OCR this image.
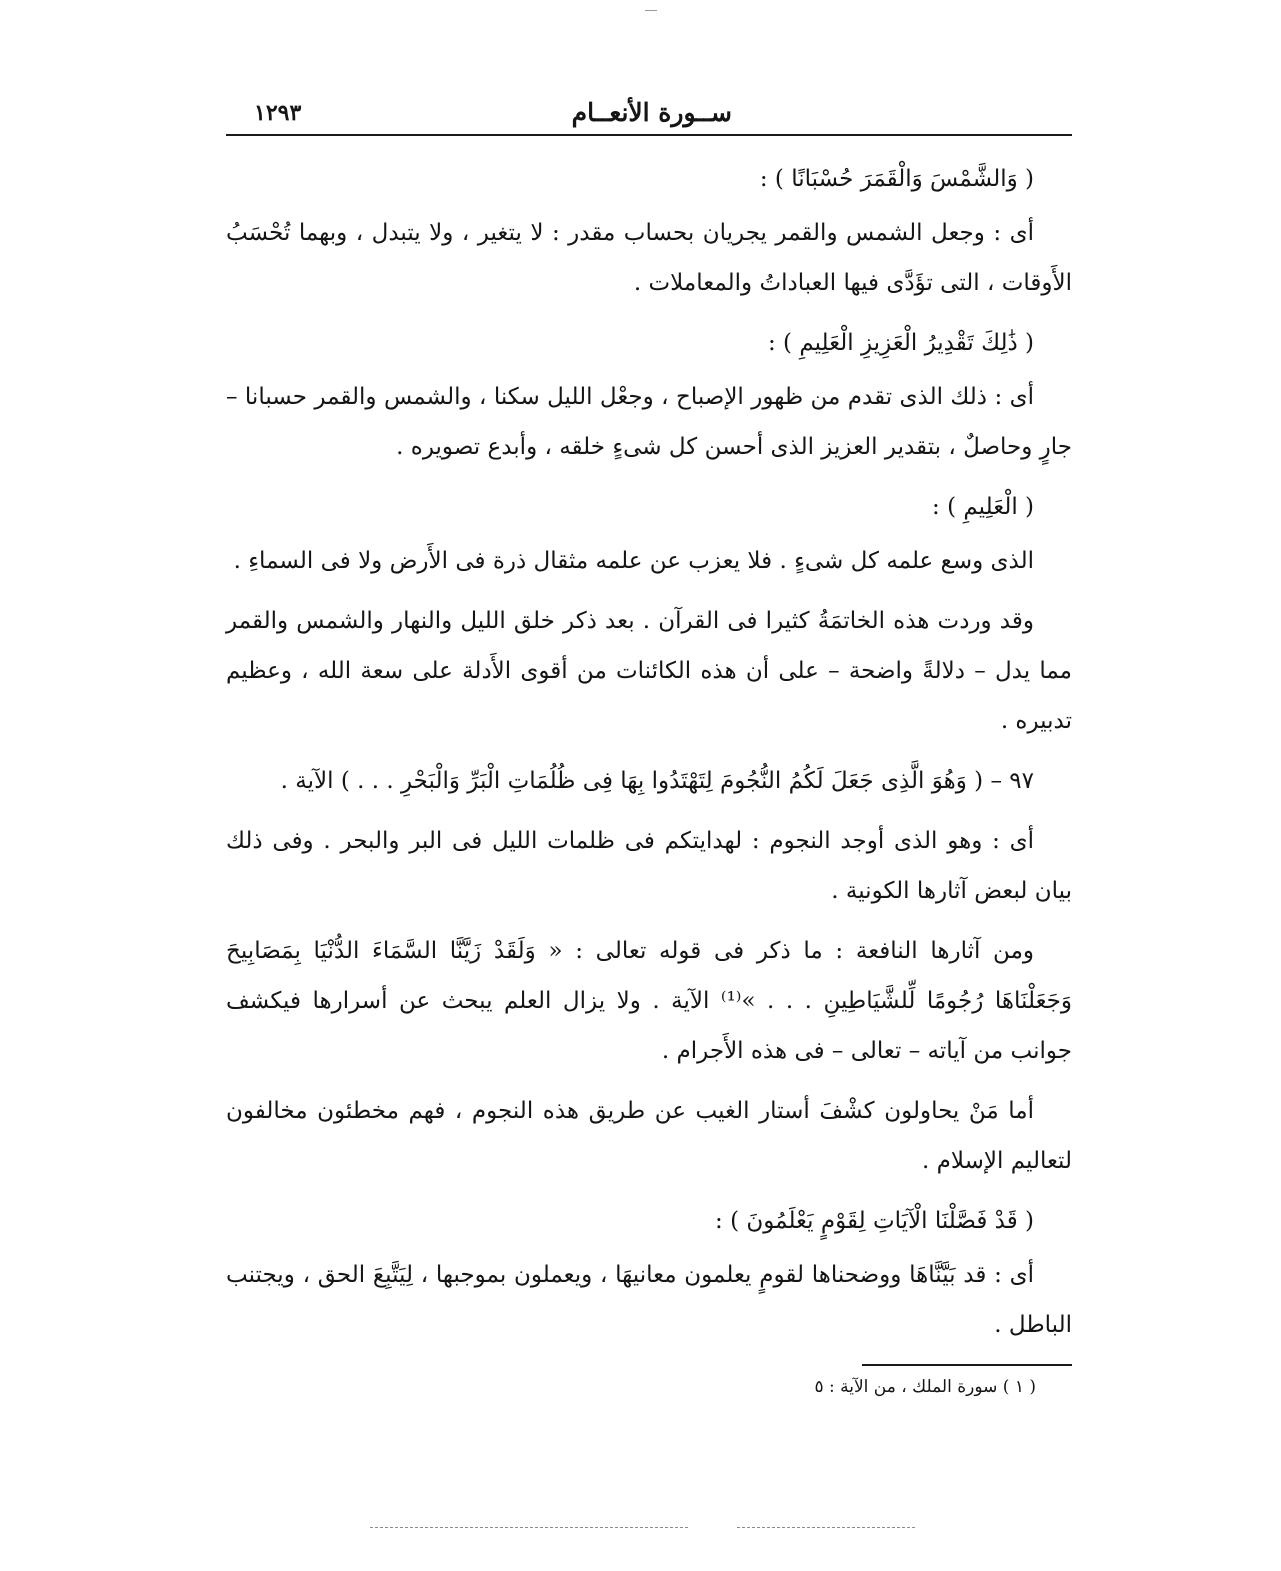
ســورة الأنعــام
١٢٩٣

( وَالشَّمْسَ وَالْقَمَرَ حُسْبَانًا ) :

أى : وجعل الشمس والقمر يجريان بحساب مقدر : لا يتغير ، ولا يتبدل ، وبهما تُحْسَبُ الأَوقات ، التى تؤَدَّى فيها العباداتُ والمعاملات .

( ذَٰلِكَ تَقْدِيرُ الْعَزِيزِ الْعَلِيمِ ) :

أى : ذلك الذى تقدم من ظهور الإصباح ، وجعْل الليل سكنا ، والشمس والقمر حسبانا – جارٍ وحاصلٌ ، بتقدير العزيز الذى أحسن كل شىءٍ خلقه ، وأبدع تصويره .

( الْعَلِيمِ ) :

الذى وسع علمه كل شىءٍ . فلا يعزب عن علمه مثقال ذرة فى الأَرض ولا فى السماءِ .

وقد وردت هذه الخاتمَةُ كثيرا فى القرآن . بعد ذكر خلق الليل والنهار والشمس والقمر مما يدل – دلالةً واضحة – على أن هذه الكائنات من أقوى الأَدلة على سعة الله ، وعظيم تدبيره .

٩٧ – ( وَهُوَ الَّذِى جَعَلَ لَكُمُ النُّجُومَ لِتَهْتَدُوا بِهَا فِى ظُلُمَاتِ الْبَرِّ وَالْبَحْرِ . . . ) الآية .

أى : وهو الذى أوجد النجوم : لهدايتكم فى ظلمات الليل فى البر والبحر . وفى ذلك بيان لبعض آثارها الكونية .

ومن آثارها النافعة : ما ذكر فى قوله تعالى : « وَلَقَدْ زَيَّنَّا السَّمَاءَ الدُّنْيَا بِمَصَابِيحَ وَجَعَلْنَاهَا رُجُومًا لِّلشَّيَاطِينِ . . . »⁽¹⁾ الآية . ولا يزال العلم يبحث عن أسرارها فيكشف جوانب من آياته – تعالى – فى هذه الأَجرام .

أما مَنْ يحاولون كشْفَ أستار الغيب عن طريق هذه النجوم ، فهم مخطئون مخالفون لتعاليم الإسلام .

( قَدْ فَصَّلْنَا الْآيَاتِ لِقَوْمٍ يَعْلَمُونَ ) :

أى : قد بَيَّنَّاهَا ووضحناها لقومٍ يعلمون معانيهَا ، ويعملون بموجبها ، لِيَتَّبِعَ الحق ، ويجتنب الباطل .

( ١ ) سورة الملك ، من الآية : ٥
